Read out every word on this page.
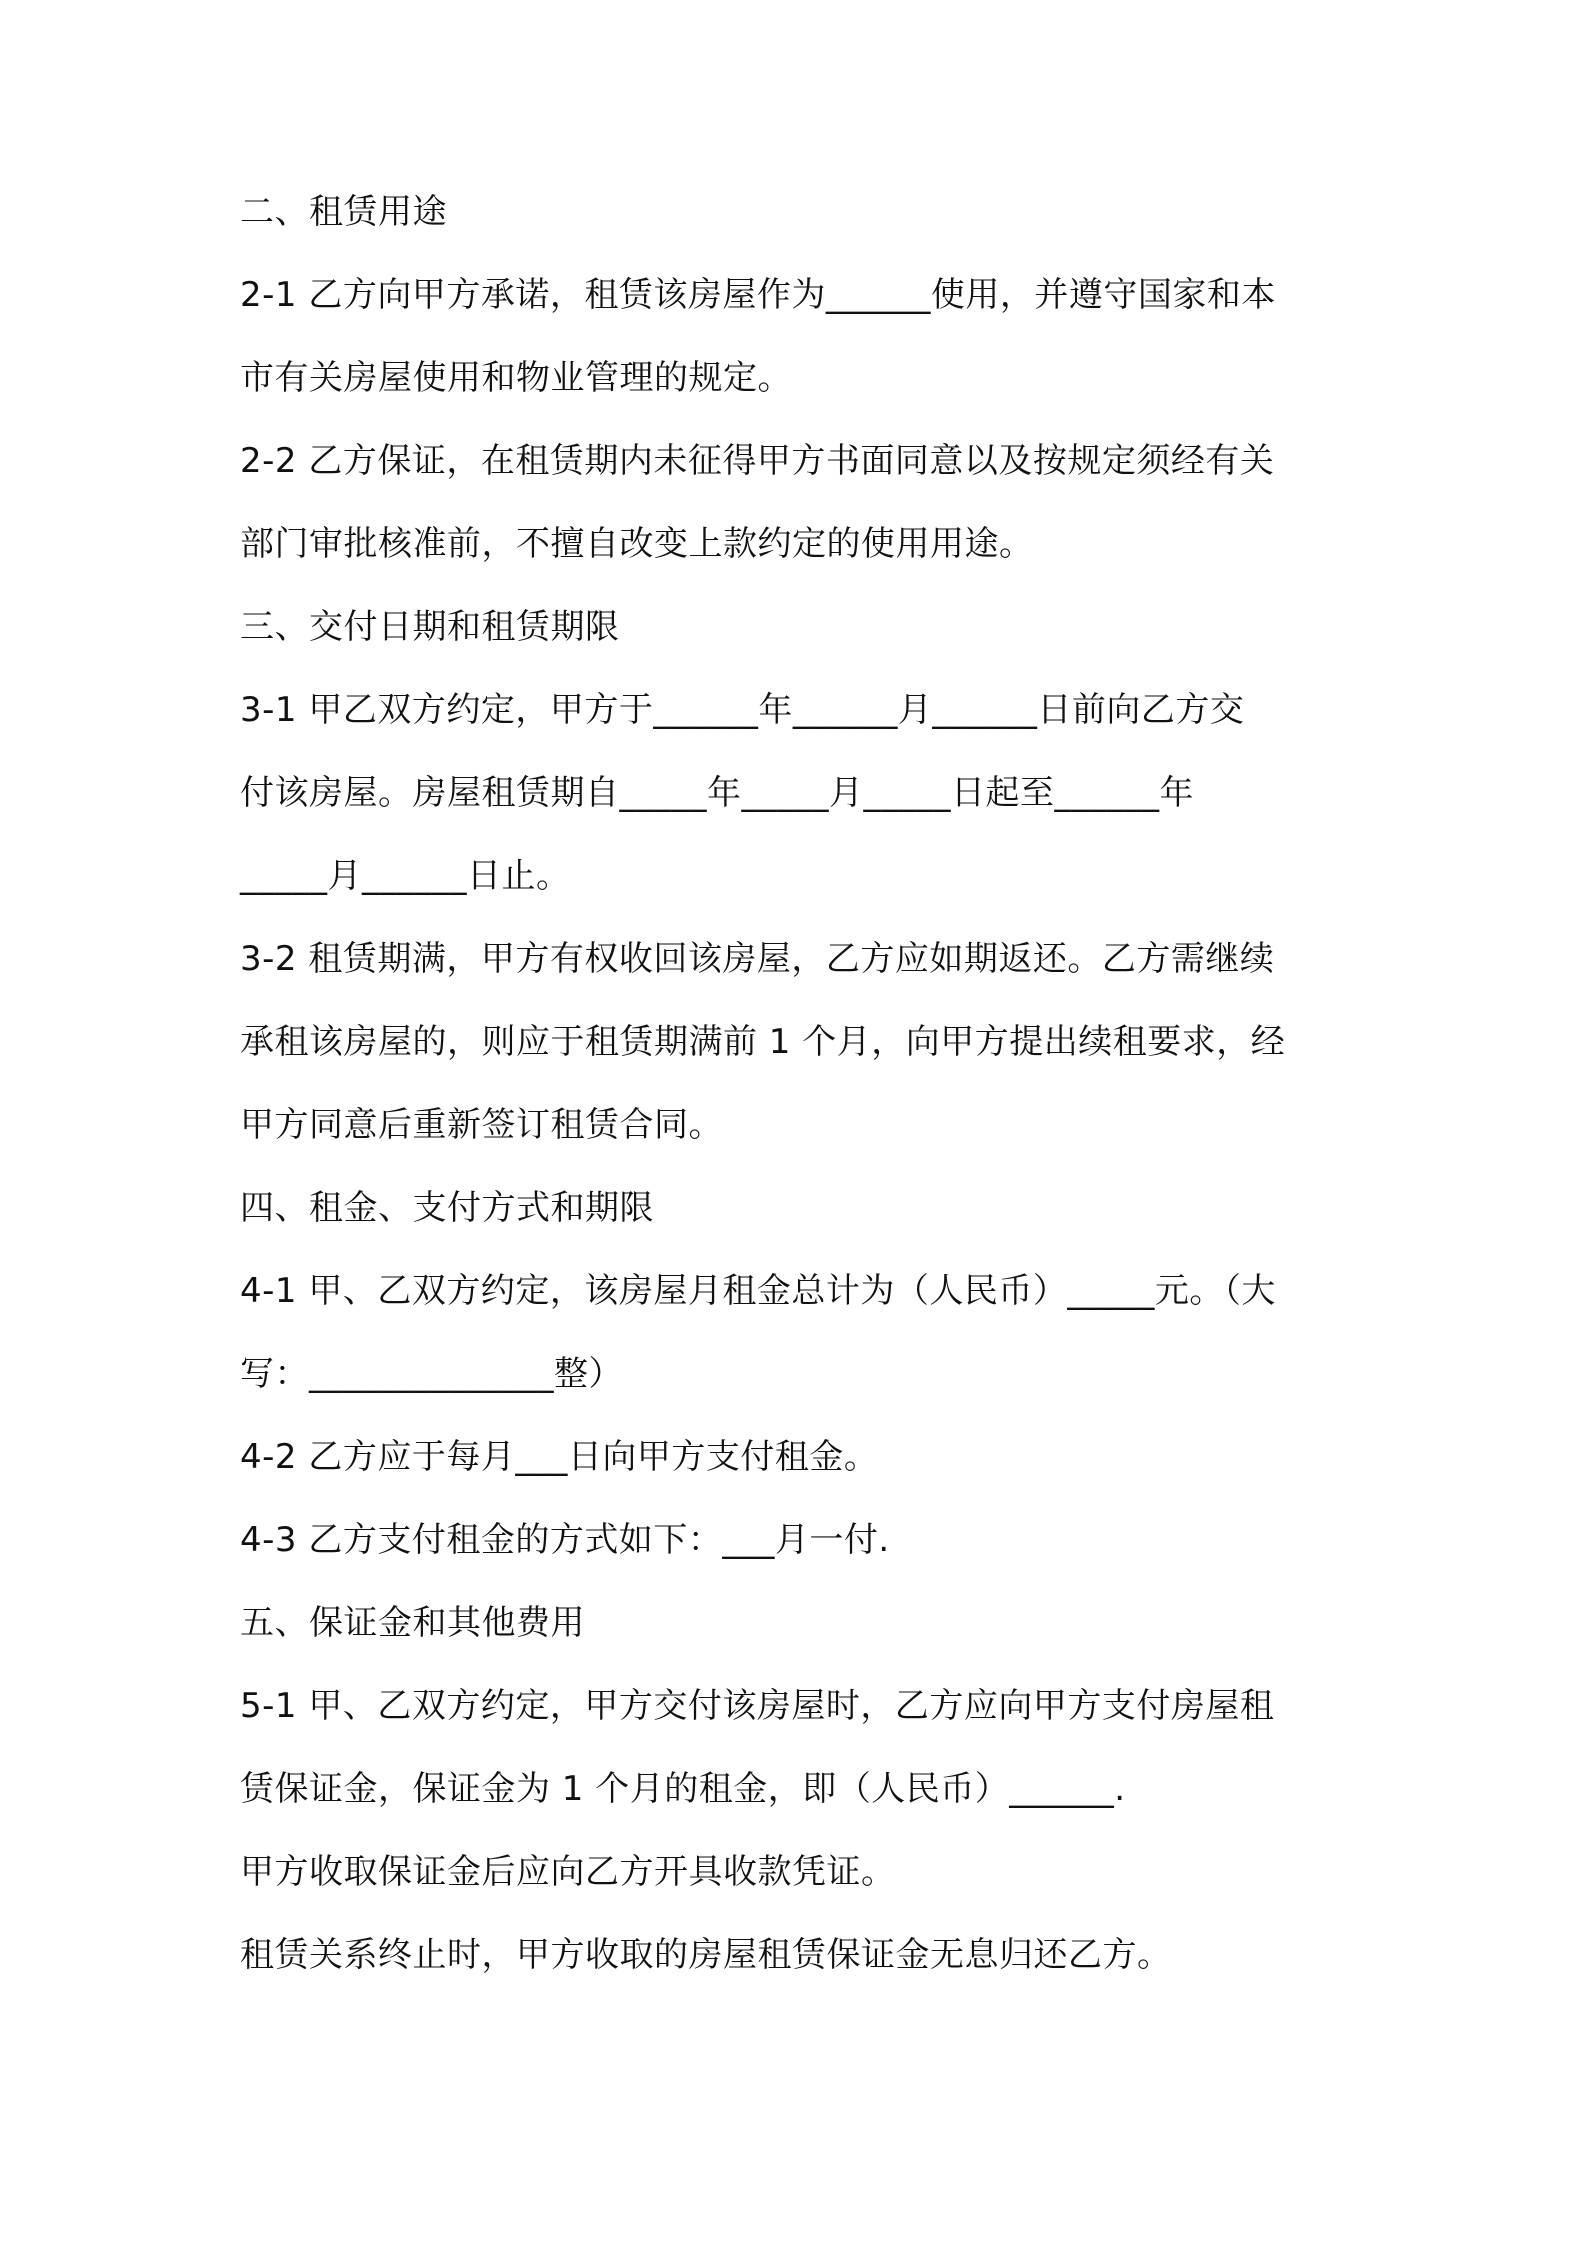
二、租赁用途
2-1 乙方向甲方承诺，租赁该房屋作为______使用，并遵守国家和本
市有关房屋使用和物业管理的规定。
2-2 乙方保证，在租赁期内未征得甲方书面同意以及按规定须经有关
部门审批核准前，不擅自改变上款约定的使用用途。
三、交付日期和租赁期限
3-1 甲乙双方约定，甲方于______年______月______日前向乙方交
付该房屋。房屋租赁期自_____年_____月_____日起至______年
_____月______日止。
3-2 租赁期满，甲方有权收回该房屋，乙方应如期返还。乙方需继续
承租该房屋的，则应于租赁期满前 1 个月，向甲方提出续租要求，经
甲方同意后重新签订租赁合同。
四、租金、支付方式和期限
4-1 甲、乙双方约定，该房屋月租金总计为（人民币）_____元。（大
写：______________整）
4-2 乙方应于每月___日向甲方支付租金。
4-3 乙方支付租金的方式如下：___月一付.
五、保证金和其他费用
5-1 甲、乙双方约定，甲方交付该房屋时，乙方应向甲方支付房屋租
赁保证金，保证金为 1 个月的租金，即（人民币）______.
甲方收取保证金后应向乙方开具收款凭证。
租赁关系终止时，甲方收取的房屋租赁保证金无息归还乙方。
